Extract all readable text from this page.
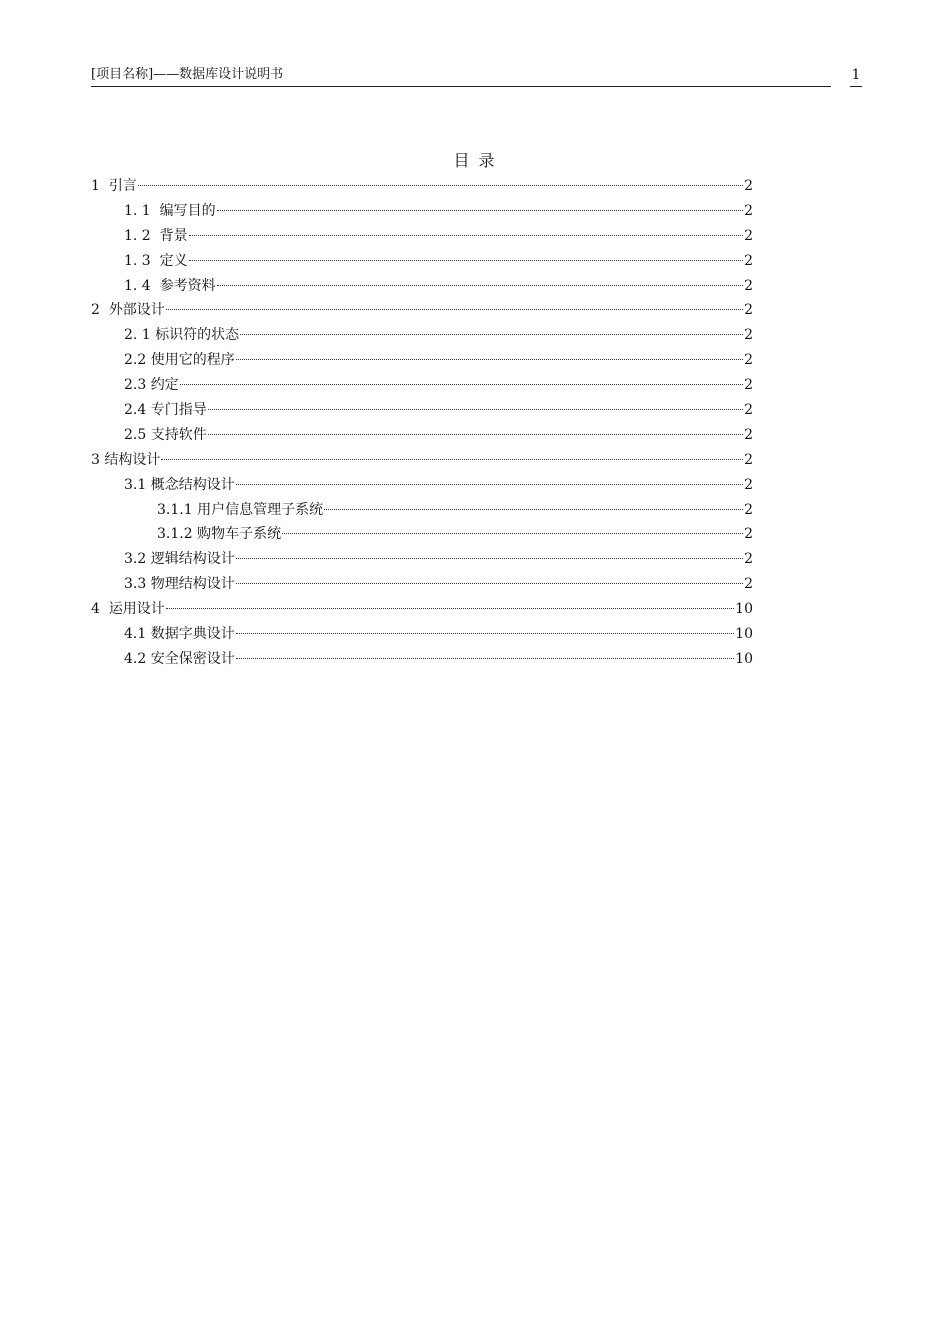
[项目名称]——数据库设计说明书	1
目 录
1 引言	2
1. 1 编写目的	2
1. 2 背景	2
1. 3 定义	2
1. 4 参考资料	2
2 外部设计	2
2. 1 标识符的状态	2
2.2 使用它的程序	2
2.3 约定	2
2.4 专门指导	2
2.5 支持软件	2
3 结构设计	2
3.1 概念结构设计	2
3.1.1 用户信息管理子系统	2
3.1.2 购物车子系统	2
3.2 逻辑结构设计	2
3.3 物理结构设计	2
4 运用设计	10
4.1 数据字典设计	10
4.2 安全保密设计	10
